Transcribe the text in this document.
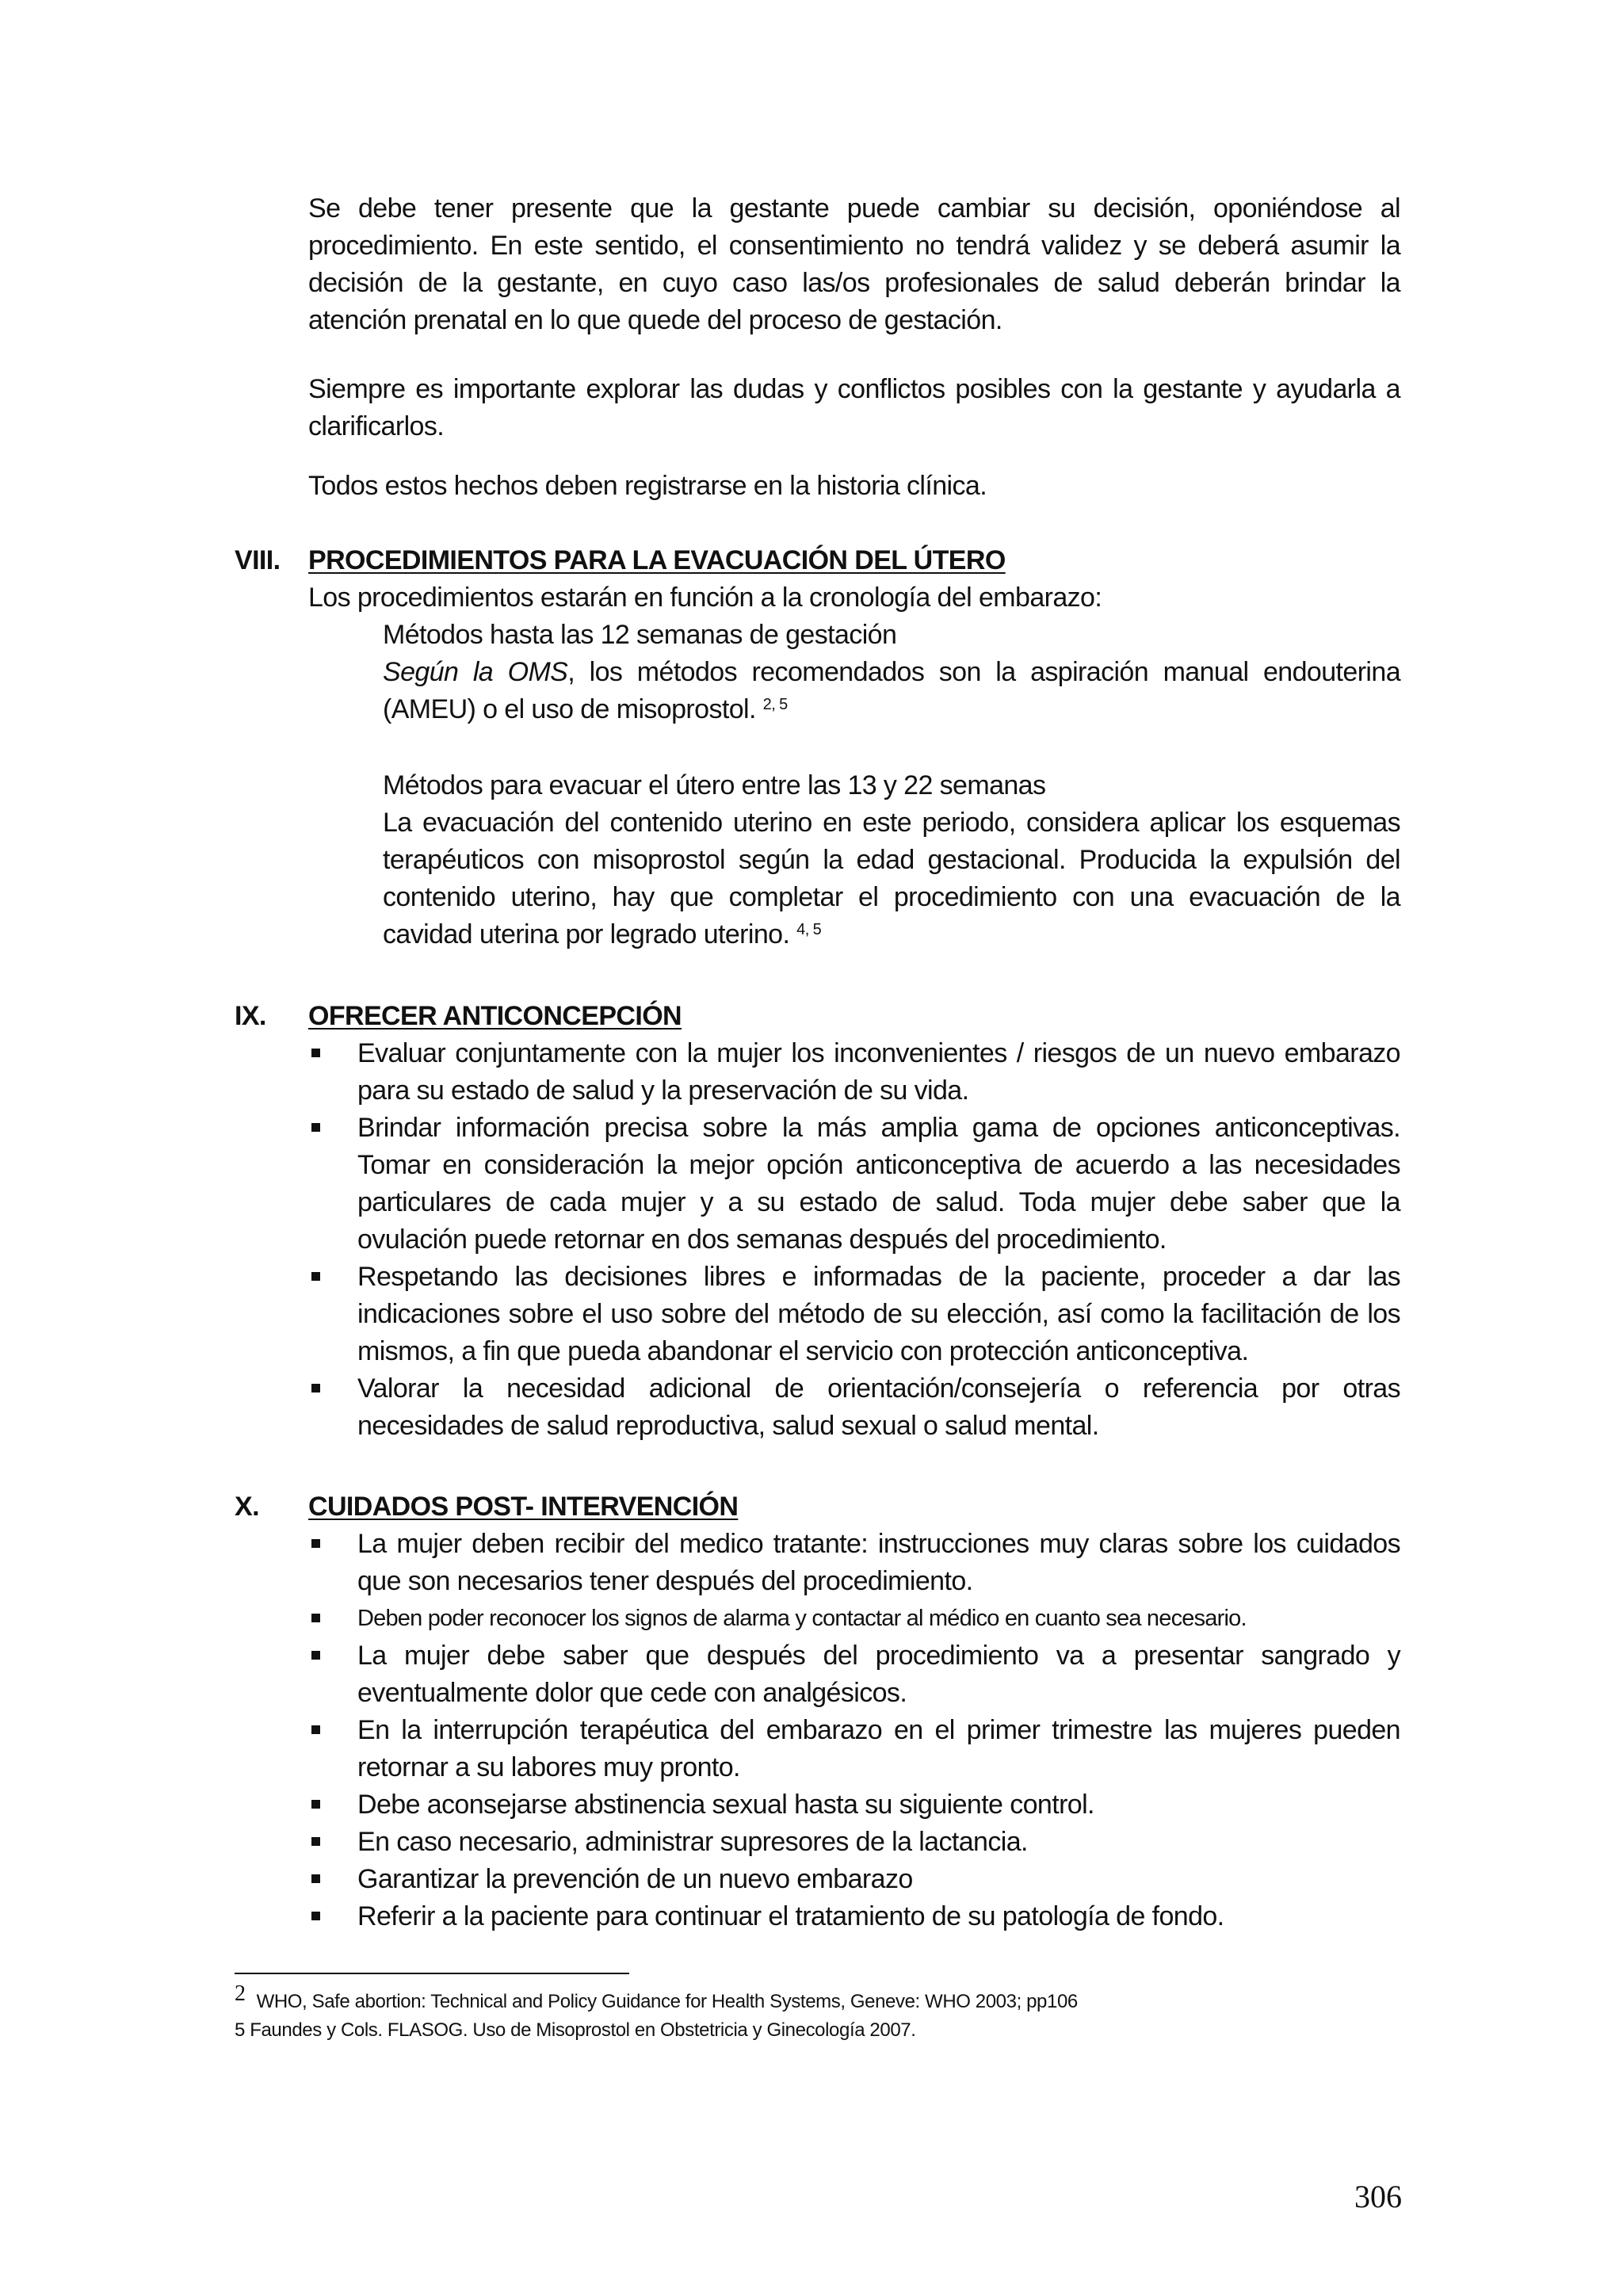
Se debe tener presente que la gestante puede cambiar su decisión, oponiéndose al procedimiento. En este sentido, el consentimiento no tendrá validez y se deberá asumir la decisión de la gestante, en cuyo caso las/os profesionales de salud deberán brindar la atención prenatal en lo que quede del proceso de gestación.

Siempre es importante explorar las dudas y conflictos posibles con la gestante y ayudarla a clarificarlos.

Todos estos hechos deben registrarse en la historia clínica.

VIII. PROCEDIMIENTOS PARA LA EVACUACIÓN DEL ÚTERO

Los procedimientos estarán en función a la cronología del embarazo:

Métodos hasta las 12 semanas de gestación

Según la OMS, los métodos recomendados son la aspiración manual endouterina (AMEU) o el uso de misoprostol. $^{2, 5}$

Métodos para evacuar el útero entre las 13 y 22 semanas

La evacuación del contenido uterino en este periodo, considera aplicar los esquemas terapéuticos con misoprostol según la edad gestacional. Producida la expulsión del contenido uterino, hay que completar el procedimiento con una evacuación de la cavidad uterina por legrado uterino. $^{4, 5}$

IX. OFRECER ANTICONCEPCIÓN
Evaluar conjuntamente con la mujer los inconvenientes / riesgos de un nuevo embarazo para su estado de salud y la preservación de su vida.
Brindar información precisa sobre la más amplia gama de opciones anticonceptivas. Tomar en consideración la mejor opción anticonceptiva de acuerdo a las necesidades particulares de cada mujer y a su estado de salud. Toda mujer debe saber que la ovulación puede retornar en dos semanas después del procedimiento.
Respetando las decisiones libres e informadas de la paciente, proceder a dar las indicaciones sobre el uso sobre del método de su elección, así como la facilitación de los mismos, a fin que pueda abandonar el servicio con protección anticonceptiva.
Valorar la necesidad adicional de orientación/consejería o referencia por otras necesidades de salud reproductiva, salud sexual o salud mental.
X. CUIDADOS POST- INTERVENCIÓN
La mujer deben recibir del medico tratante: instrucciones muy claras sobre los cuidados que son necesarios tener después del procedimiento.
Deben poder reconocer los signos de alarma y contactar al médico en cuanto sea necesario.
La mujer debe saber que después del procedimiento va a presentar sangrado y eventualmente dolor que cede con analgésicos.
En la interrupción terapéutica del embarazo en el primer trimestre las mujeres pueden retornar a su labores muy pronto.
Debe aconsejarse abstinencia sexual hasta su siguiente control.
En caso necesario, administrar supresores de la lactancia.
Garantizar la prevención de un nuevo embarazo
Referir a la paciente para continuar el tratamiento de su patología de fondo.
$^2$ WHO, Safe abortion: Technical and Policy Guidance for Health Systems, Geneve: WHO 2003; pp106
5 Faundes y Cols. FLASOG. Uso de Misoprostol en Obstetricia y Ginecología 2007.
306
